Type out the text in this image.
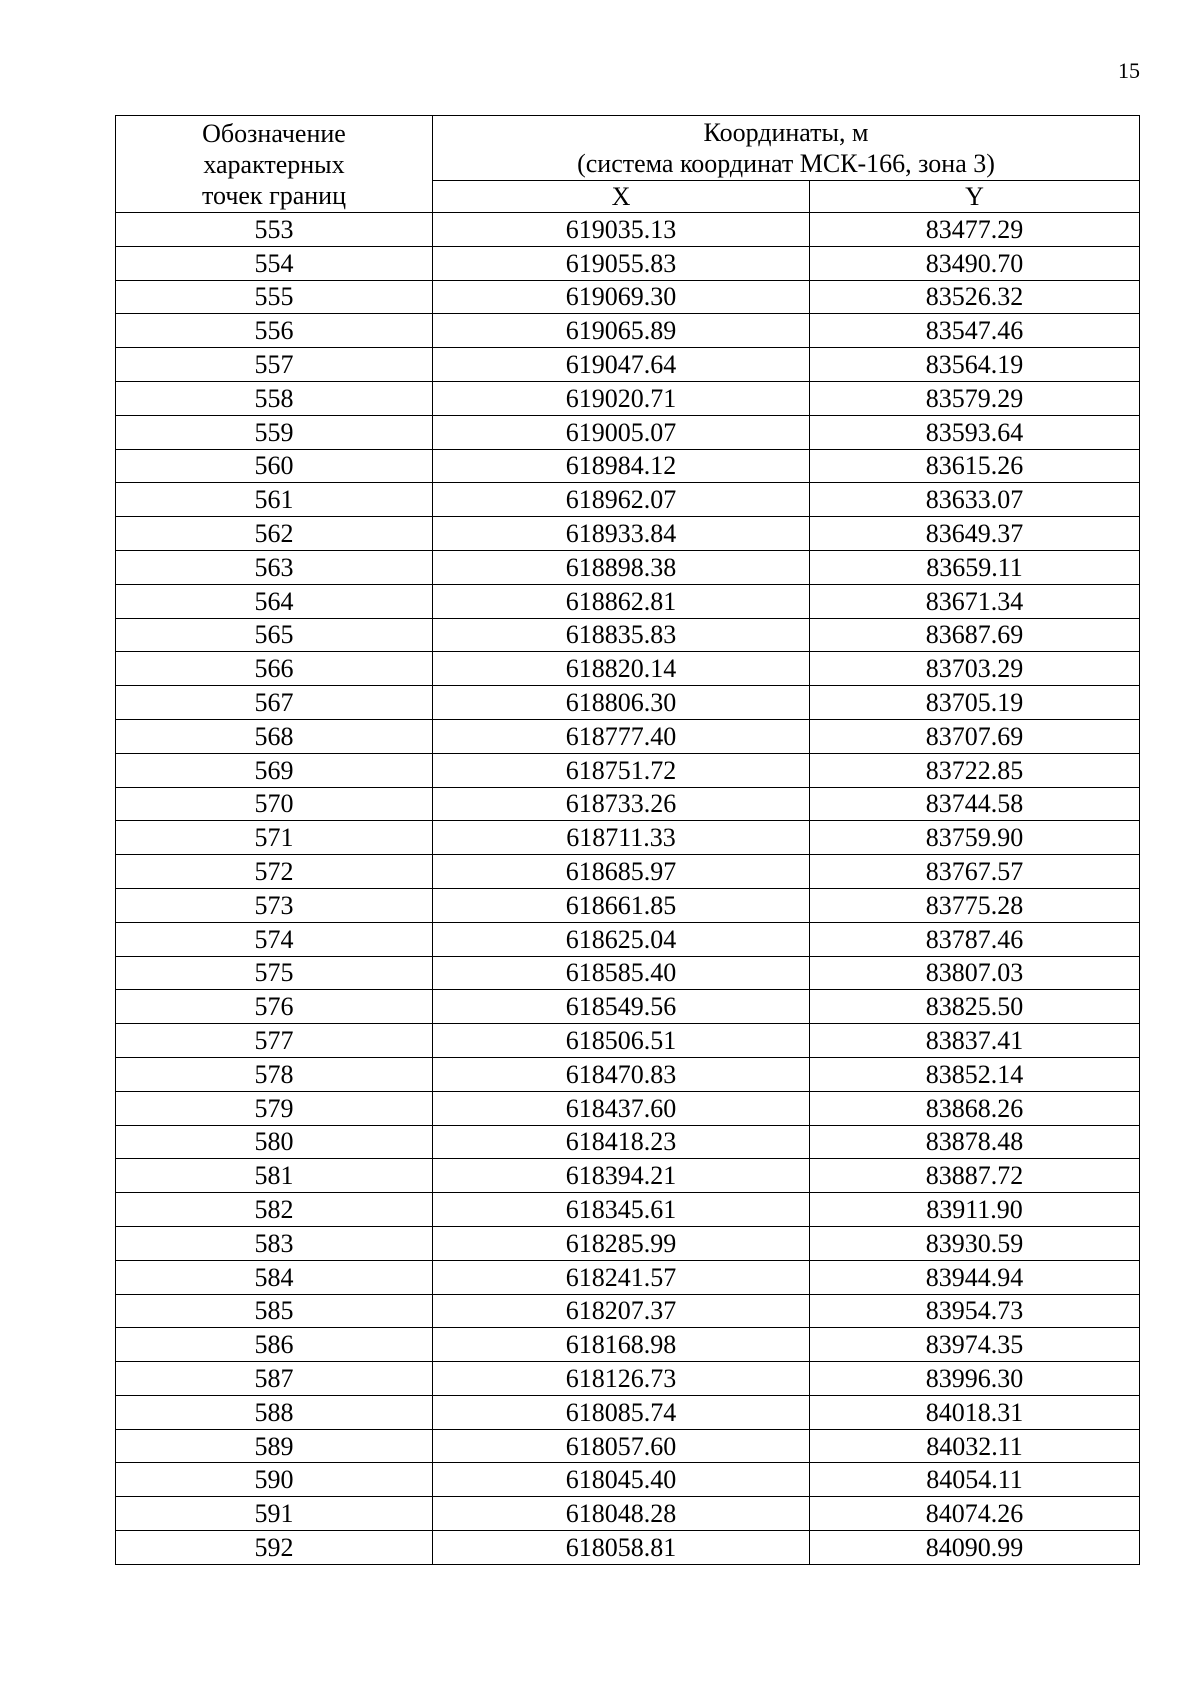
15
Обозначение
характерных
точек границ	Координаты, м
(система координат МСК-166, зона 3)	

	X	Y
553	619035.13	83477.29
554	619055.83	83490.70
555	619069.30	83526.32
556	619065.89	83547.46
557	619047.64	83564.19
558	619020.71	83579.29
559	619005.07	83593.64
560	618984.12	83615.26
561	618962.07	83633.07
562	618933.84	83649.37
563	618898.38	83659.11
564	618862.81	83671.34
565	618835.83	83687.69
566	618820.14	83703.29
567	618806.30	83705.19
568	618777.40	83707.69
569	618751.72	83722.85
570	618733.26	83744.58
571	618711.33	83759.90
572	618685.97	83767.57
573	618661.85	83775.28
574	618625.04	83787.46
575	618585.40	83807.03
576	618549.56	83825.50
577	618506.51	83837.41
578	618470.83	83852.14
579	618437.60	83868.26
580	618418.23	83878.48
581	618394.21	83887.72
582	618345.61	83911.90
583	618285.99	83930.59
584	618241.57	83944.94
585	618207.37	83954.73
586	618168.98	83974.35
587	618126.73	83996.30
588	618085.74	84018.31
589	618057.60	84032.11
590	618045.40	84054.11
591	618048.28	84074.26
592	618058.81	84090.99
